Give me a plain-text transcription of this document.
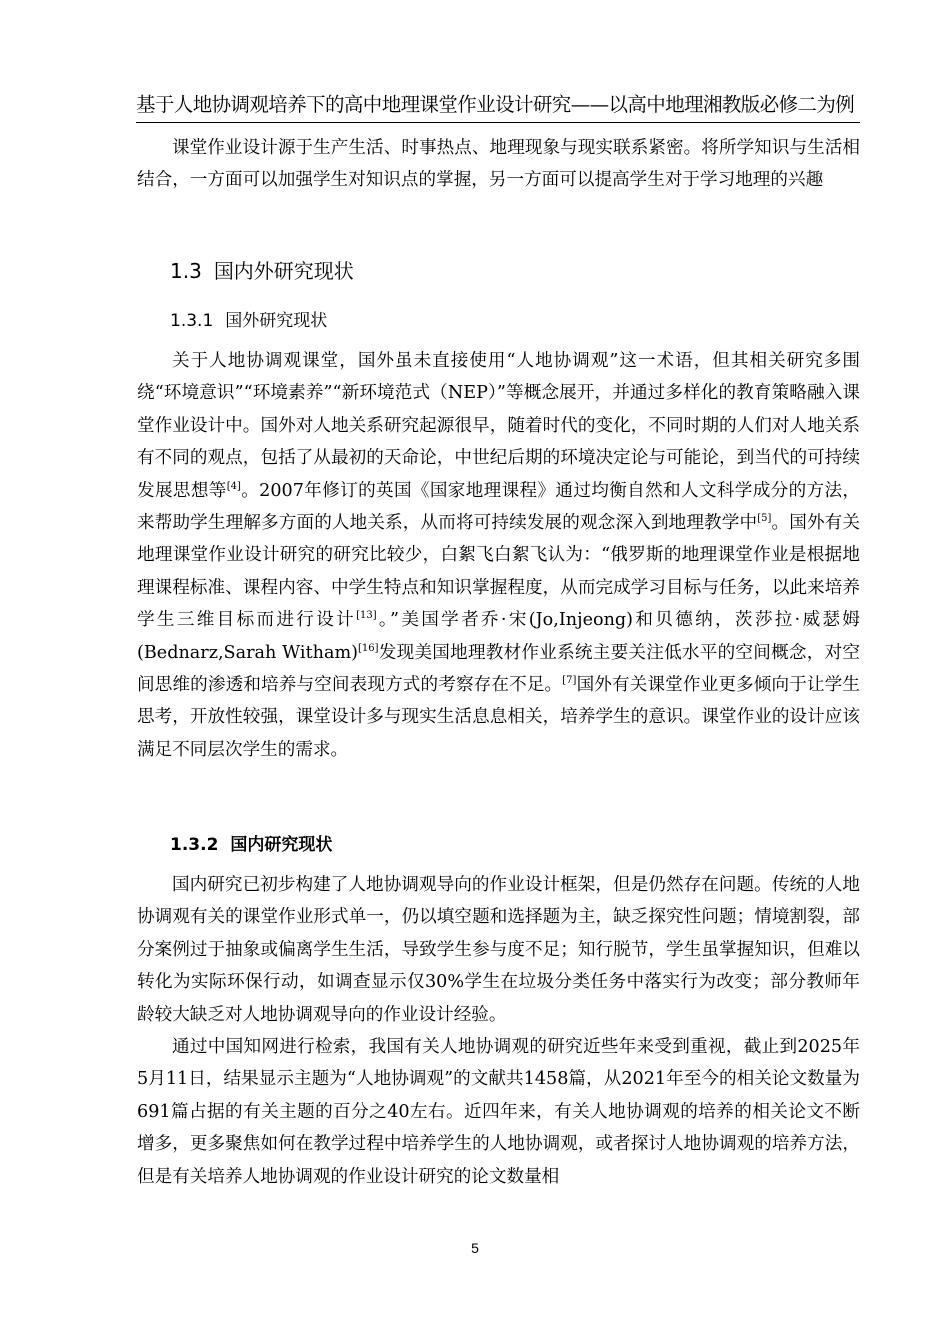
基于人地协调观培养下的高中地理课堂作业设计研究——以高中地理湘教版必修二为例

课堂作业设计源于生产生活、时事热点、地理现象与现实联系紧密。将所学知识与生活相结合，一方面可以加强学生对知识点的掌握，另一方面可以提高学生对于学习地理的兴趣

1.3 国内外研究现状
1.3.1 国外研究现状

关于人地协调观课堂，国外虽未直接使用“人地协调观”这一术语，但其相关研究多围绕“环境意识”“环境素养”“新环境范式（NEP）”等概念展开，并通过多样化的教育策略融入课堂作业设计中。国外对人地关系研究起源很早，随着时代的变化，不同时期的人们对人地关系有不同的观点，包括了从最初的天命论，中世纪后期的环境决定论与可能论，到当代的可持续发展思想等[4]。2007年修订的英国《国家地理课程》通过均衡自然和人文科学成分的方法，来帮助学生理解多方面的人地关系，从而将可持续发展的观念深入到地理教学中[5]。国外有关地理课堂作业设计研究的研究比较少，白絮飞白絮飞认为：“俄罗斯的地理课堂作业是根据地理课程标准、课程内容、中学生特点和知识掌握程度，从而完成学习目标与任务，以此来培养学生三维目标而进行设计[13]。”美国学者乔·宋(Jo,Injeong)和贝德纳，茨莎拉·威瑟姆(Bednarz,Sarah Witham)[16]发现美国地理教材作业系统主要关注低水平的空间概念，对空间思维的渗透和培养与空间表现方式的考察存在不足。[7]国外有关课堂作业更多倾向于让学生思考，开放性较强，课堂设计多与现实生活息息相关，培养学生的意识。课堂作业的设计应该满足不同层次学生的需求。

1.3.2 国内研究现状

国内研究已初步构建了人地协调观导向的作业设计框架，但是仍然存在问题。传统的人地协调观有关的课堂作业形式单一，仍以填空题和选择题为主，缺乏探究性问题；情境割裂，部分案例过于抽象或偏离学生生活，导致学生参与度不足；知行脱节，学生虽掌握知识，但难以转化为实际环保行动，如调查显示仅30%学生在垃圾分类任务中落实行为改变；部分教师年龄较大缺乏对人地协调观导向的作业设计经验。

通过中国知网进行检索，我国有关人地协调观的研究近些年来受到重视，截止到2025年5月11日，结果显示主题为“人地协调观”的文献共1458篇，从2021年至今的相关论文数量为691篇占据的有关主题的百分之40左右。近四年来，有关人地协调观的培养的相关论文不断增多，更多聚焦如何在教学过程中培养学生的人地协调观，或者探讨人地协调观的培养方法，但是有关培养人地协调观的作业设计研究的论文数量相

5
